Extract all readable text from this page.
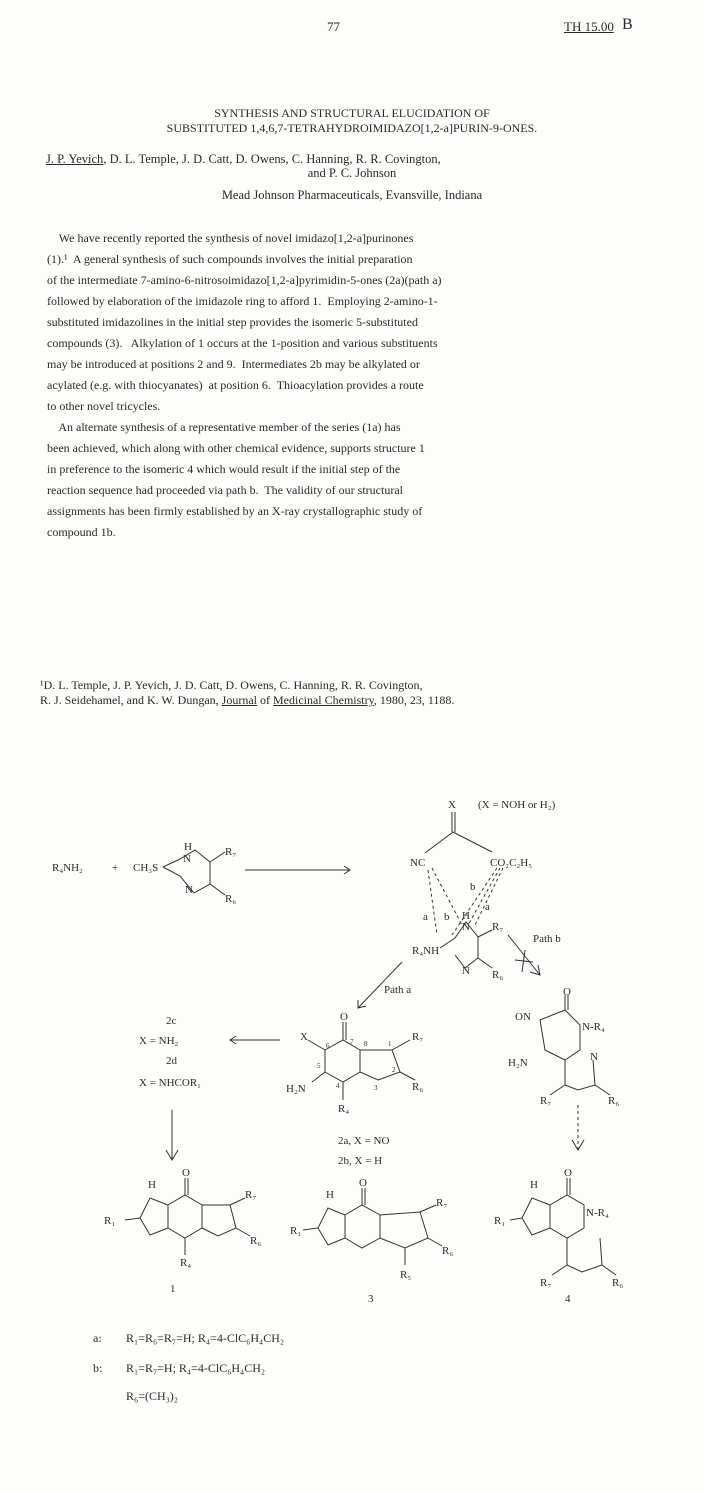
77	TH 15.00 B
SYNTHESIS AND STRUCTURAL ELUCIDATION OF
SUBSTITUTED 1,4,6,7-TETRAHYDROIMIDAZO[1,2-a]PURIN-9-ONES.
J. P. Yevich, D. L. Temple, J. D. Catt, D. Owens, C. Hanning, R. R. Covington,
and P. C. Johnson
Mead Johnson Pharmaceuticals, Evansville, Indiana
We have recently reported the synthesis of novel imidazo[1,2-a]purinones
(1).¹  A general synthesis of such compounds involves the initial preparation
of the intermediate 7-amino-6-nitrosoimidazo[1,2-a]pyrimidin-5-ones (2a)(path a)
followed by elaboration of the imidazole ring to afford 1.  Employing 2-amino-1-
substituted imidazolines in the initial step provides the isomeric 5-substituted
compounds (3).   Alkylation of 1 occurs at the 1-position and various substituents
may be introduced at positions 2 and 9.  Intermediates 2b may be alkylated or
acylated (e.g. with thiocyanates)  at position 6.  Thioacylation provides a route
to other novel tricycles.
An alternate synthesis of a representative member of the series (1a) has
been achieved, which along with other chemical evidence, supports structure 1
in preference to the isomeric 4 which would result if the initial step of the
reaction sequence had proceeded via path b.  The validity of our structural
assignments has been firmly established by an X-ray crystallographic study of
compound 1b.
¹D. L. Temple, J. P. Yevich, J. D. Catt, D. Owens, C. Hanning, R. R. Covington,
R. J. Seidehamel, and K. W. Dungan, Journal of Medicinal Chemistry, 1980, 23, 1188.
R₄NH₂	+ CH₃S
H
N
N
R₇
R₆
X (X = NOH or H₂)
NC	CO₂C₂H₅
a b
b
a
R₄NH
H
N
N
R₇
R₆
Path b
Path a
2c
X = NH₂
2d
X = NHCOR₁
O
X
H₂N
R₇
R₆
R₄
6	7 8	1
2
3
4
5
2a, X = NO
2b, X = H
O
ON
N-R₄
H₂N	N
R₇	R₆
H
O
R₁
R₇
R₆
R₄
1
H
O
R₁
R₇
R₆
R₅
3
H
O
R₁
N-R₄
R₇	R₆
4
a: R₁=R₆=R₇=H; R₄=4-ClC₆H₄CH₂
b: R₁=R₇=H; R₄=4-ClC₆H₄CH₂
R₆=(CH₃)₂
